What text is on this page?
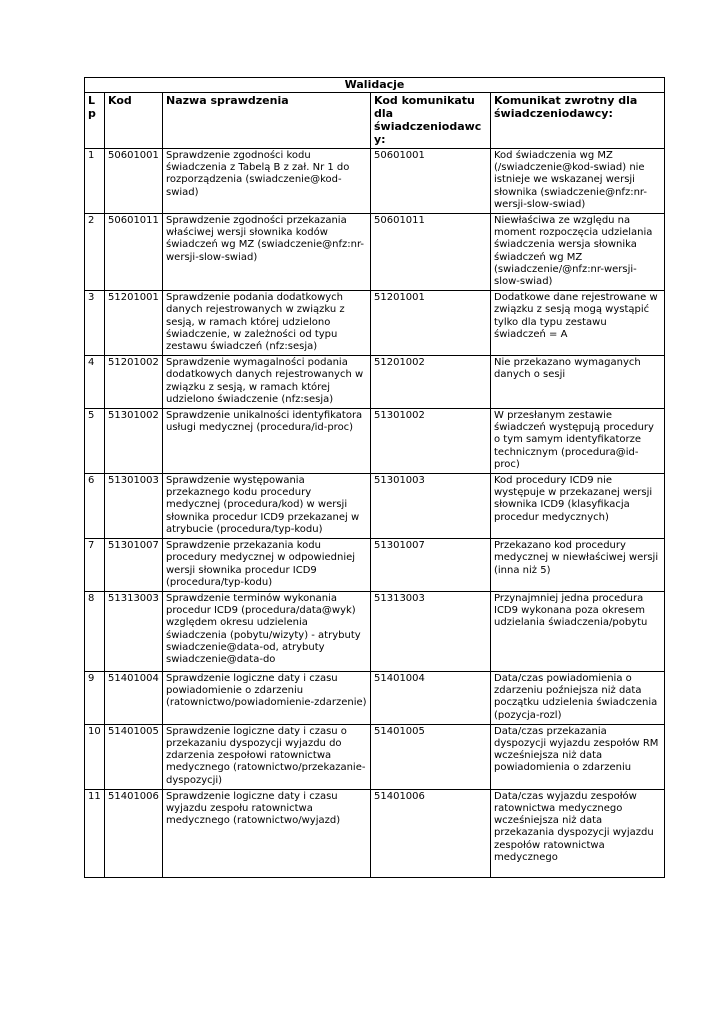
Walidacje				
Lp	Kod	Nazwa sprawdzenia	Kod komunikatu dla świadczeniodawcy:	Komunikat zwrotny dla świadczeniodawcy:
1	50601001	Sprawdzenie zgodności kodu świadczenia z Tabelą B z zał. Nr 1 do rozporządzenia (swiadczenie@kod-swiad)	50601001	Kod świadczenia wg MZ (/swiadczenie@kod-swiad) nie istnieje we wskazanej wersji słownika (swiadczenie@nfz:nr-wersji-slow-swiad)
2	50601011	Sprawdzenie zgodności przekazania właściwej wersji słownika kodów świadczeń wg MZ (swiadczenie@nfz:nr-wersji-slow-swiad)	50601011	Niewłaściwa ze względu na moment rozpoczęcia udzielania świadczenia wersja słownika świadczeń wg MZ (swiadczenie/@nfz:nr-wersji-slow-swiad)
3	51201001	Sprawdzenie podania dodatkowych danych rejestrowanych w związku z sesją, w ramach której udzielono świadczenie, w zależności od typu zestawu świadczeń (nfz:sesja)	51201001	Dodatkowe dane rejestrowane w związku z sesją mogą wystąpić tylko dla typu zestawu świadczeń = A
4	51201002	Sprawdzenie wymagalności podania dodatkowych danych rejestrowanych w związku z sesją, w ramach której udzielono świadczenie (nfz:sesja)	51201002	Nie przekazano wymaganych danych o sesji
5	51301002	Sprawdzenie unikalności identyfikatora usługi medycznej (procedura/id-proc)	51301002	W przesłanym zestawie świadczeń występują procedury o tym samym identyfikatorze technicznym (procedura@id-proc)
6	51301003	Sprawdzenie występowania przekaznego kodu procedury medycznej (procedura/kod) w wersji słownika procedur ICD9 przekazanej w atrybucie (procedura/typ-kodu)	51301003	Kod procedury ICD9 nie występuje w przekazanej wersji słownika ICD9 (klasyfikacja procedur medycznych)
7	51301007	Sprawdzenie przekazania kodu procedury medycznej w odpowiedniej wersji słownika procedur ICD9 (procedura/typ-kodu)	51301007	Przekazano kod procedury medycznej w niewłaściwej wersji (inna niż 5)
8	51313003	Sprawdzenie terminów wykonania procedur ICD9 (procedura/data@wyk) względem okresu udzielenia świadczenia (pobytu/wizyty) - atrybuty swiadczenie@data-od, atrybuty swiadczenie@data-do	51313003	Przynajmniej jedna procedura ICD9 wykonana poza okresem udzielania świadczenia/pobytu
9	51401004	Sprawdzenie logiczne daty i czasu powiadomienie o zdarzeniu (ratownictwo/powiadomienie-zdarzenie)	51401004	Data/czas powiadomienia o zdarzeniu poźniejsza niż data początku udzielenia świadczenia (pozycja-rozl)
10	51401005	Sprawdzenie logiczne daty i czasu o przekazaniu dyspozycji wyjazdu do zdarzenia zespołowi ratownictwa medycznego (ratownictwo/przekazanie-dyspozycji)	51401005	Data/czas przekazania dyspozycji wyjazdu zespołów RM wcześniejsza niż data powiadomienia o zdarzeniu
11	51401006	Sprawdzenie logiczne daty i czasu wyjazdu zespołu ratownictwa medycznego (ratownictwo/wyjazd)	51401006	Data/czas wyjazdu zespołów ratownictwa medycznego wcześniejsza niż data przekazania dyspozycji wyjazdu zespołów ratownictwa medycznego
